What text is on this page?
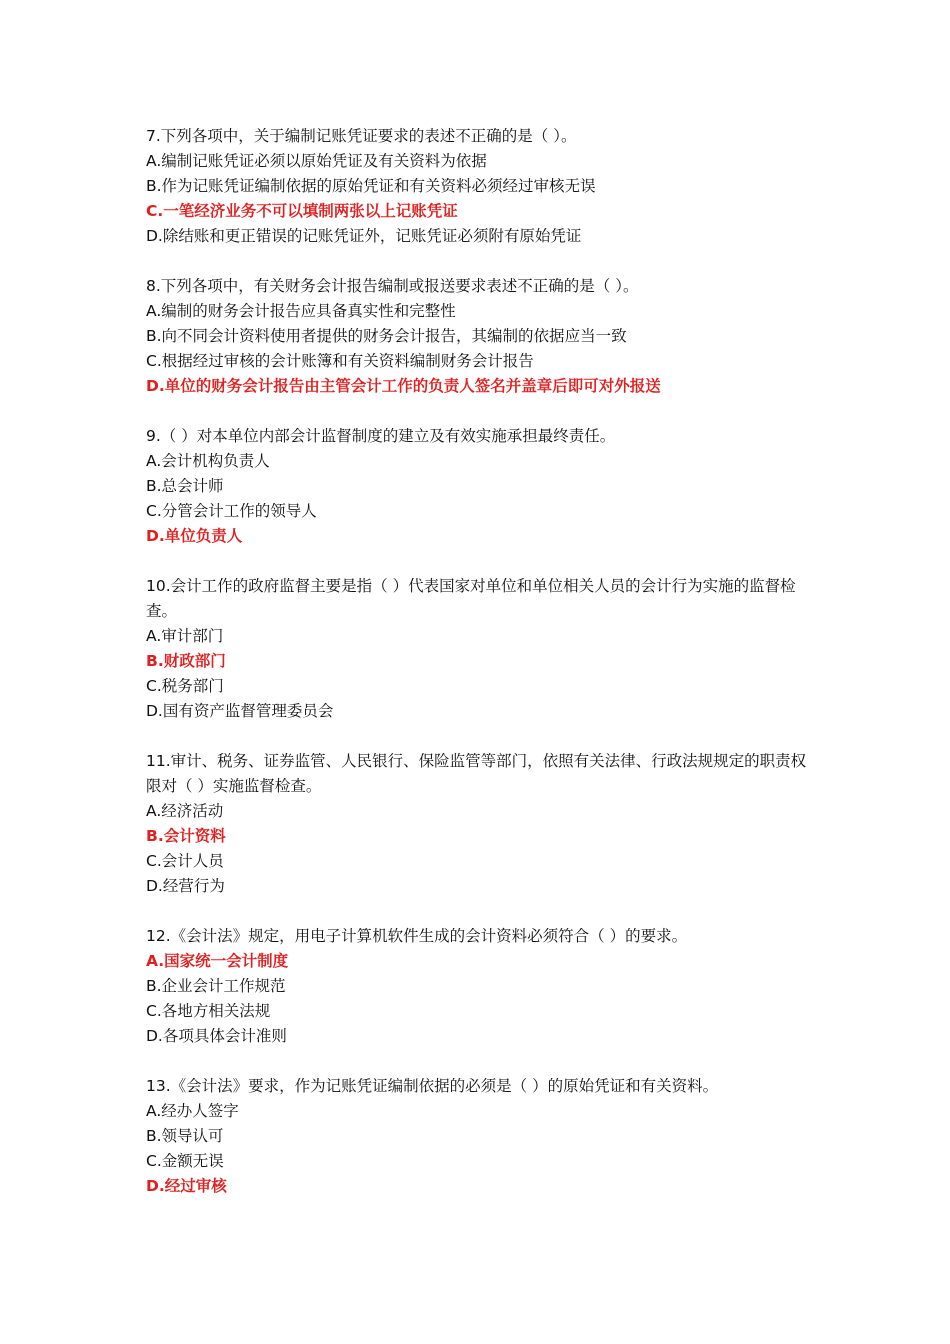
7.下列各项中，关于编制记账凭证要求的表述不正确的是（ ）。

A.编制记账凭证必须以原始凭证及有关资料为依据

B.作为记账凭证编制依据的原始凭证和有关资料必须经过审核无误

C.一笔经济业务不可以填制两张以上记账凭证

D.除结账和更正错误的记账凭证外，记账凭证必须附有原始凭证

8.下列各项中，有关财务会计报告编制或报送要求表述不正确的是（ ）。

A.编制的财务会计报告应具备真实性和完整性

B.向不同会计资料使用者提供的财务会计报告，其编制的依据应当一致

C.根据经过审核的会计账簿和有关资料编制财务会计报告

D.单位的财务会计报告由主管会计工作的负责人签名并盖章后即可对外报送

9.（ ）对本单位内部会计监督制度的建立及有效实施承担最终责任。

A.会计机构负责人

B.总会计师

C.分管会计工作的领导人

D.单位负责人

10.会计工作的政府监督主要是指（ ）代表国家对单位和单位相关人员的会计行为实施的监督检查。

A.审计部门

B.财政部门

C.税务部门

D.国有资产监督管理委员会

11.审计、税务、证券监管、人民银行、保险监管等部门，依照有关法律、行政法规规定的职责权限对（ ）实施监督检查。

A.经济活动

B.会计资料

C.会计人员

D.经营行为

12.《会计法》规定，用电子计算机软件生成的会计资料必须符合（ ）的要求。

A.国家统一会计制度

B.企业会计工作规范

C.各地方相关法规

D.各项具体会计准则

13.《会计法》要求，作为记账凭证编制依据的必须是（ ）的原始凭证和有关资料。

A.经办人签字

B.领导认可

C.金额无误

D.经过审核
